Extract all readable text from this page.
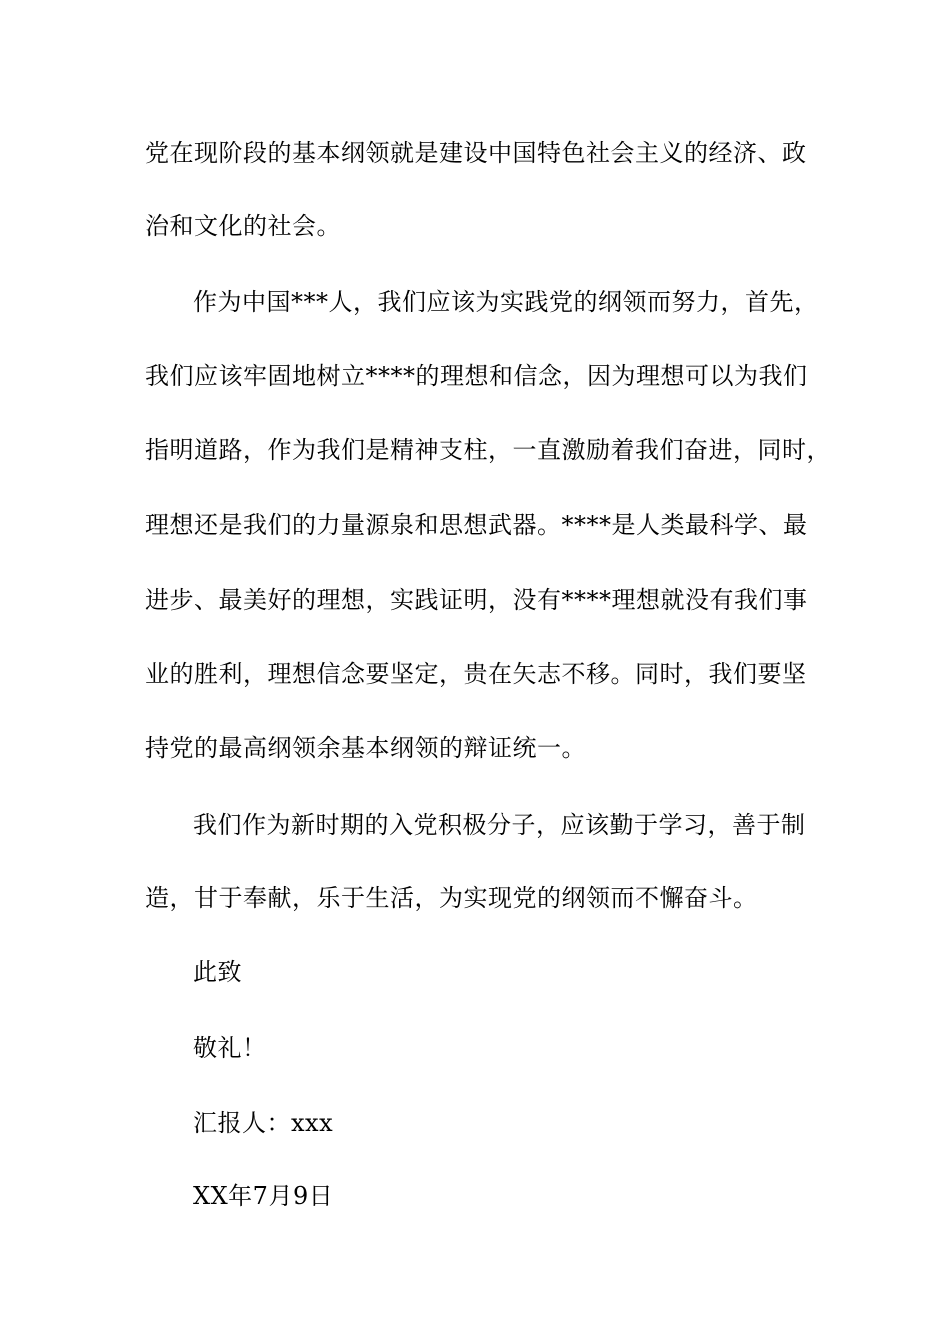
党在现阶段的基本纲领就是建设中国特色社会主义的经济、政
治和文化的社会。
作为中国***人，我们应该为实践党的纲领而努力，首先，
我们应该牢固地树立****的理想和信念，因为理想可以为我们
指明道路，作为我们是精神支柱，一直激励着我们奋进，同时，
理想还是我们的力量源泉和思想武器。****是人类最科学、最
进步、最美好的理想，实践证明，没有****理想就没有我们事
业的胜利，理想信念要坚定，贵在矢志不移。同时，我们要坚
持党的最高纲领余基本纲领的辩证统一。
我们作为新时期的入党积极分子，应该勤于学习，善于制
造，甘于奉献，乐于生活，为实现党的纲领而不懈奋斗。
此致
敬礼！
汇报人：xxx
XX年7月9日
